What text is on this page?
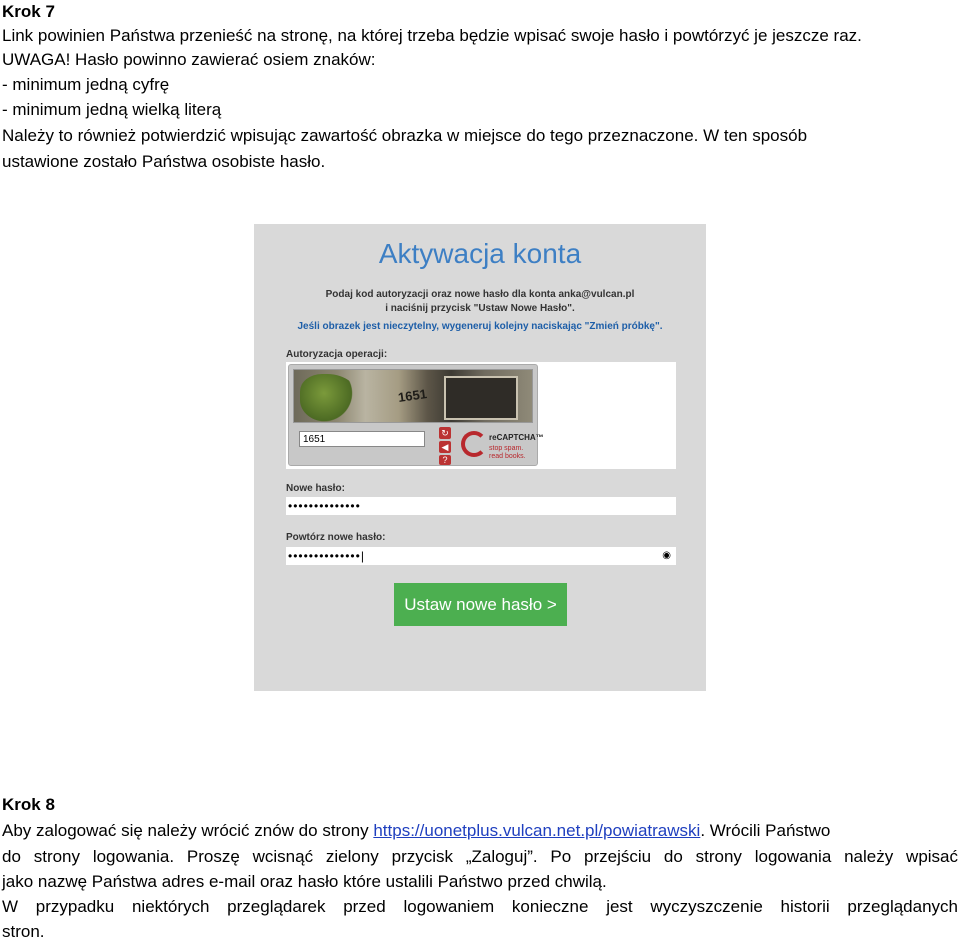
Krok 7
Link powinien Państwa przenieść na stronę, na której trzeba będzie wpisać swoje hasło i powtórzyć je jeszcze raz.
UWAGA! Hasło powinno zawierać osiem znaków:
- minimum jedną cyfrę
- minimum jedną wielką literą
Należy to również potwierdzić wpisując zawartość obrazka w miejsce do tego przeznaczone. W ten sposób
ustawione zostało Państwa osobiste hasło.
Aktywacja konta
Podaj kod autoryzacji oraz nowe hasło dla konta anka@vulcan.pl
i naciśnij przycisk "Ustaw Nowe Hasło".
Jeśli obrazek jest nieczytelny, wygeneruj kolejny naciskając "Zmień próbkę".
Autoryzacja operacji:
1651
1651
↻
◀
?
reCAPTCHA™
stop spam.
read books.
Nowe hasło:
••••••••••••••
Powtórz nowe hasło:
••••••••••••••|	◉
Ustaw nowe hasło >
Krok 8
Aby zalogować się należy wrócić znów do strony https://uonetplus.vulcan.net.pl/powiatrawski. Wrócili Państwo
do strony logowania. Proszę wcisnąć zielony przycisk „Zaloguj”. Po przejściu do strony logowania należy wpisać
jako nazwę Państwa adres e-mail oraz hasło które ustalili Państwo przed chwilą.
W przypadku niektórych przeglądarek przed logowaniem konieczne jest wyczyszczenie historii przeglądanych
stron.
